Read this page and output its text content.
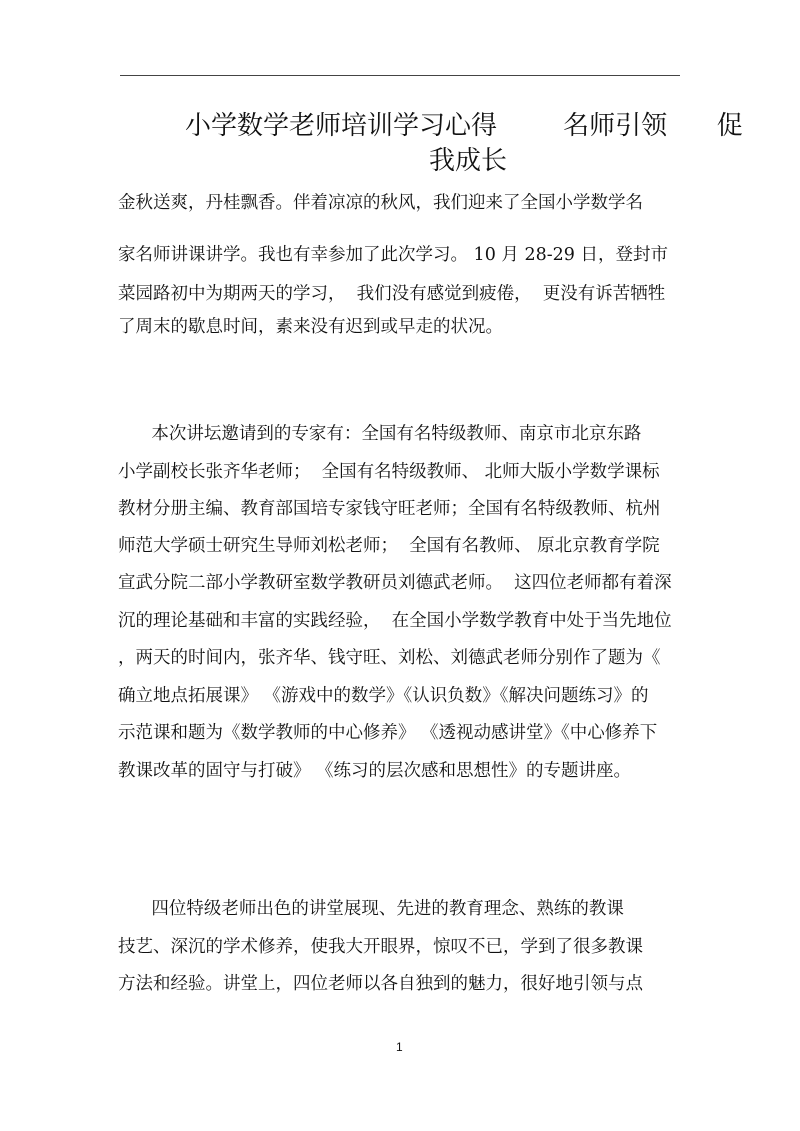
小学数学老师培训学习心得        名师引领      促
我成长
金秋送爽，丹桂飘香。伴着凉凉的秋风，我们迎来了全国小学数学名
家名师讲课讲学。我也有幸参加了此次学习。 10 月 28-29 日，登封市
菜园路初中为期两天的学习，  我们没有感觉到疲倦，  更没有诉苦牺牲
了周末的歇息时间，素来没有迟到或早走的状况。
本次讲坛邀请到的专家有：全国有名特级教师、南京市北京东路
小学副校长张齐华老师；  全国有名特级教师、 北师大版小学数学课标
教材分册主编、教育部国培专家钱守旺老师；全国有名特级教师、杭州
师范大学硕士研究生导师刘松老师；  全国有名教师、 原北京教育学院
宣武分院二部小学教研室数学教研员刘德武老师。  这四位老师都有着深
沉的理论基础和丰富的实践经验，  在全国小学数学教育中处于当先地位
，两天的时间内，张齐华、钱守旺、刘松、刘德武老师分别作了题为《
确立地点拓展课》 《游戏中的数学》《认识负数》《解决问题练习》的
示范课和题为《数学教师的中心修养》 《透视动感讲堂》《中心修养下
教课改革的固守与打破》 《练习的层次感和思想性》的专题讲座。
四位特级老师出色的讲堂展现、先进的教育理念、熟练的教课
技艺、深沉的学术修养，使我大开眼界，惊叹不已，学到了很多教课
方法和经验。讲堂上，四位老师以各自独到的魅力，很好地引领与点
1
